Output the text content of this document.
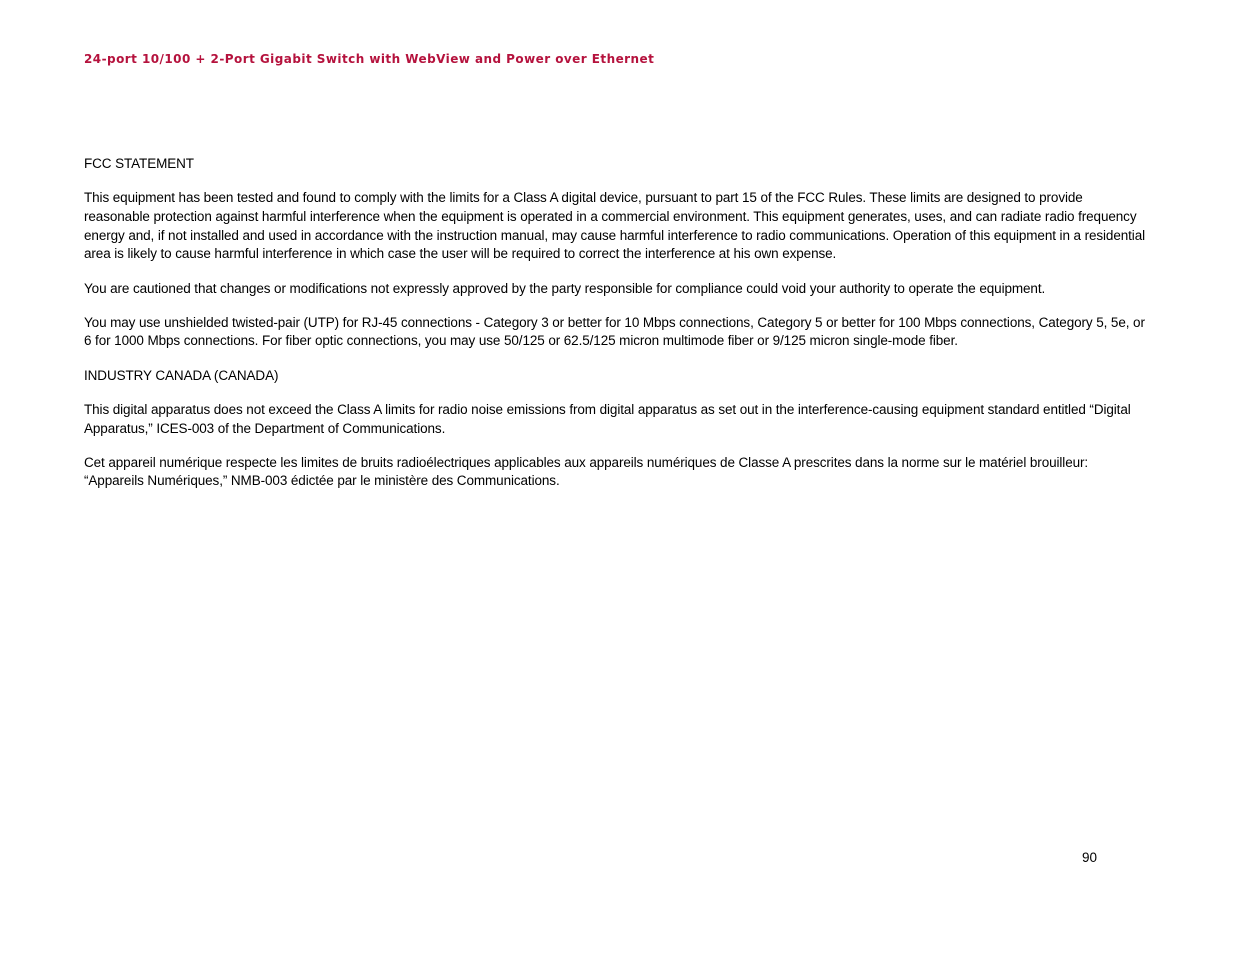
24-port 10/100 + 2-Port Gigabit Switch with WebView and Power over Ethernet
FCC STATEMENT

This equipment has been tested and found to comply with the limits for a Class A digital device, pursuant to part 15 of the FCC Rules. These limits are designed to provide reasonable protection against harmful interference when the equipment is operated in a commercial environment. This equipment generates, uses, and can radiate radio frequency energy and, if not installed and used in accordance with the instruction manual, may cause harmful interference to radio communications. Operation of this equipment in a residential area is likely to cause harmful interference in which case the user will be required to correct the interference at his own expense.

You are cautioned that changes or modifications not expressly approved by the party responsible for compliance could void your authority to operate the equipment.

You may use unshielded twisted-pair (UTP) for RJ-45 connections - Category 3 or better for 10 Mbps connections, Category 5 or better for 100 Mbps connections, Category 5, 5e, or 6 for 1000 Mbps connections. For fiber optic connections, you may use 50/125 or 62.5/125 micron multimode fiber or 9/125 micron single-mode fiber.

INDUSTRY CANADA (CANADA)

This digital apparatus does not exceed the Class A limits for radio noise emissions from digital apparatus as set out in the interference-causing equipment standard entitled “Digital Apparatus,” ICES-003 of the Department of Communications.

Cet appareil numérique respecte les limites de bruits radioélectriques applicables aux appareils numériques de Classe A prescrites dans la norme sur le matériel brouilleur: “Appareils Numériques,” NMB-003 édictée par le ministère des Communications.

90
